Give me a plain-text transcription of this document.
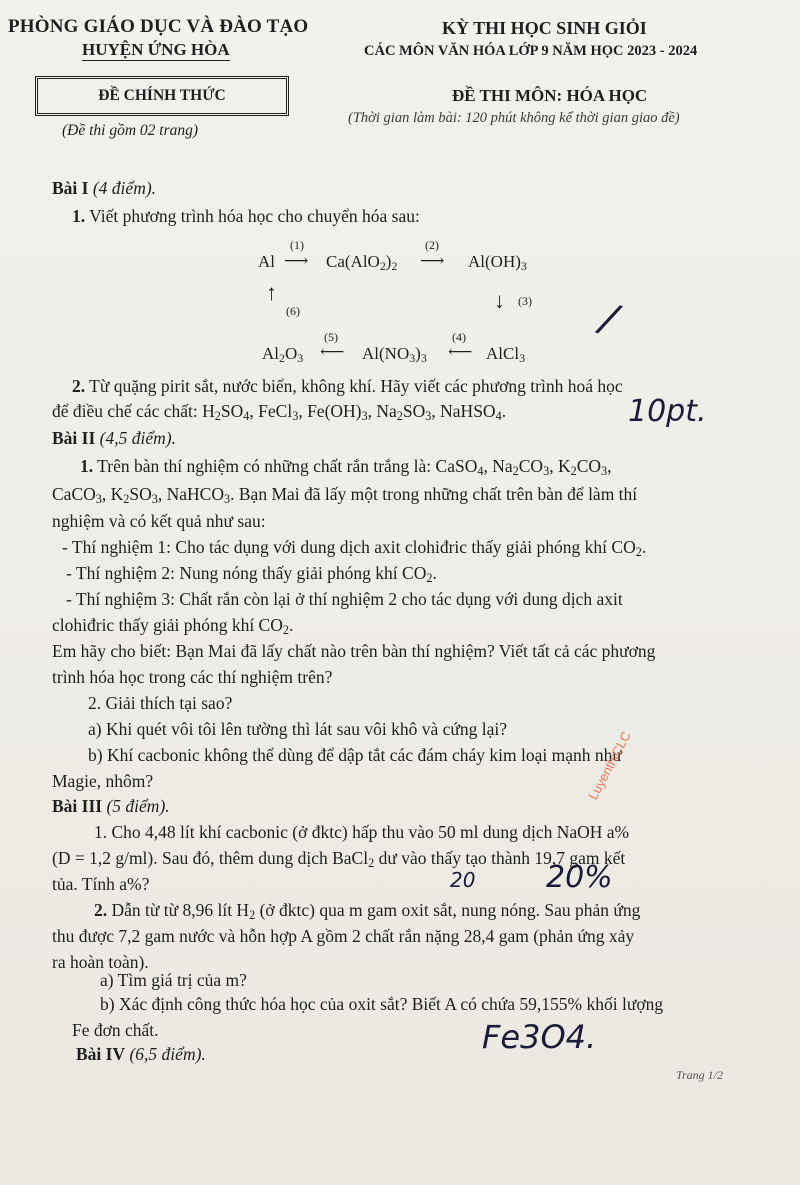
PHÒNG GIÁO DỤC VÀ ĐÀO TẠO
HUYỆN ỨNG HÒA
KỲ THI HỌC SINH GIỎI
CÁC MÔN VĂN HÓA LỚP 9 NĂM HỌC 2023 - 2024
ĐỀ CHÍNH THỨC
(Đề thi gồm 02 trang)
ĐỀ THI MÔN: HÓA HỌC
(Thời gian làm bài: 120 phút không kể thời gian giao đề)
Bài I (4 điểm).
1. Viết phương trình hóa học cho chuyển hóa sau:
Al
(1)
⟶ $Ca(AlO_2)_2$
(2)
⟶ $Al(OH)_3$
↑
(6)	↓ (3)
$Al_2O_3$
(5)
⟵ $Al(NO_3)_3$
(4)
⟵ AlCl$_3$
2. Từ quặng pirit sắt, nước biển, không khí. Hãy viết các phương trình hoá học
để điều chế các chất: $H_2SO_4$, FeCl$_3$, $Fe(OH)_3$, $Na_2SO_3$, NaHSO$_4$.
Bài II (4,5 điểm).
1. Trên bàn thí nghiệm có những chất rắn trắng là: CaSO$_4$, $Na_2CO_3$, $K_2CO_3$,
CaCO$_3$, $K_2SO_3$, NaHCO$_3$. Bạn Mai đã lấy một trong những chất trên bàn để làm thí
nghiệm và có kết quả như sau:
- Thí nghiệm 1: Cho tác dụng với dung dịch axit clohiđric thấy giải phóng khí $CO_2$.
- Thí nghiệm 2: Nung nóng thấy giải phóng khí $CO_2$.
- Thí nghiệm 3: Chất rắn còn lại ở thí nghiệm 2 cho tác dụng với dung dịch axit
clohiđric thấy giải phóng khí $CO_2$.
Em hãy cho biết: Bạn Mai đã lấy chất nào trên bàn thí nghiệm? Viết tất cả các phương
trình hóa học trong các thí nghiệm trên?
2. Giải thích tại sao?
a) Khi quét vôi tôi lên tường thì lát sau vôi khô và cứng lại?
b) Khí cacbonic không thể dùng để dập tắt các đám cháy kim loại mạnh như
Magie, nhôm?
Bài III (5 điểm).
1. Cho 4,48 lít khí cacbonic (ở đktc) hấp thu vào 50 ml dung dịch NaOH a%
(D = 1,2 g/ml). Sau đó, thêm dung dịch BaCl$_2$ dư vào thấy tạo thành 19,7 gam kết
tủa. Tính a%?
2. Dẫn từ từ 8,96 lít $H_2$ (ở đktc) qua m gam oxit sắt, nung nóng. Sau phản ứng
thu được 7,2 gam nước và hỗn hợp A gồm 2 chất rắn nặng 28,4 gam (phản ứng xảy
ra hoàn toàn).
a) Tìm giá trị của m?
b) Xác định công thức hóa học của oxit sắt? Biết A có chứa 59,155% khối lượng
Fe đơn chất.
Bài IV (6,5 điểm).
/
10pt.
20 20%
Fe3O4.
LuyenthiCLC
Trang 1/2
